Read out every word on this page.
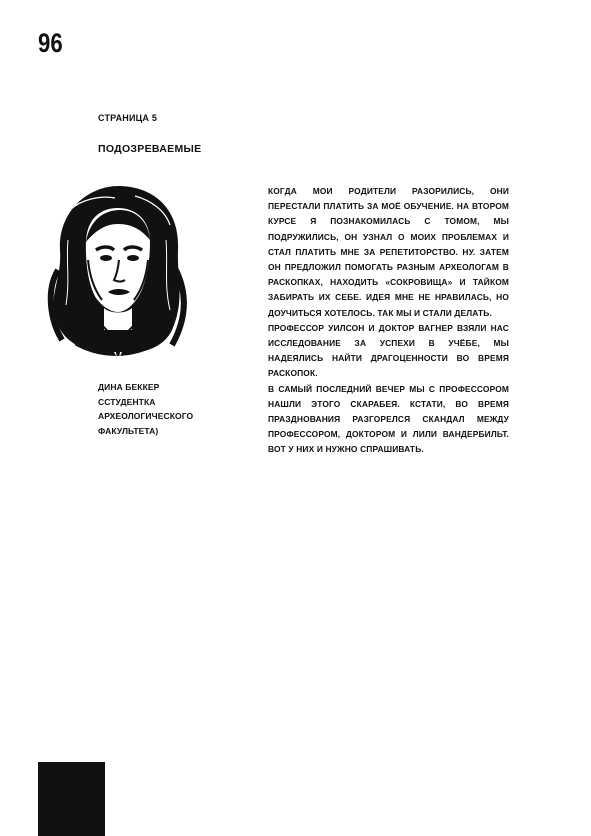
96
СТРАНИЦА 5
ПОДОЗРЕВАЕМЫЕ
ДИНА БЕККЕР
ССТУДЕНТКА
АРХЕОЛОГИЧЕСКОГО
ФАКУЛЬТЕТА)

КОГДА МОИ РОДИТЕЛИ РАЗОРИЛИСЬ, ОНИ ПЕРЕСТАЛИ ПЛАТИТЬ ЗА МОЁ ОБУЧЕНИЕ. НА ВТОРОМ КУРСЕ Я ПОЗНАКОМИЛАСЬ С ТОМОМ, МЫ ПОДРУЖИЛИСЬ, ОН УЗНАЛ О МОИХ ПРОБЛЕМАХ И СТАЛ ПЛАТИТЬ МНЕ ЗА РЕПЕТИТОРСТВО. НУ. ЗАТЕМ ОН ПРЕДЛОЖИЛ ПОМОГАТЬ РАЗНЫМ АРХЕОЛОГАМ В РАСКОПКАХ, НАХОДИТЬ «СОКРОВИЩА» И ТАЙКОМ ЗАБИРАТЬ ИХ СЕБЕ. ИДЕЯ МНЕ НЕ НРАВИЛАСЬ, НО ДОУЧИТЬСЯ ХОТЕЛОСЬ. ТАК МЫ И СТАЛИ ДЕЛАТЬ.

ПРОФЕССОР УИЛСОН И ДОКТОР ВАГНЕР ВЗЯЛИ НАС ИССЛЕДОВАНИЕ ЗА УСПЕХИ В УЧЁБЕ, МЫ НАДЕЯЛИСЬ НАЙТИ ДРАГОЦЕННОСТИ ВО ВРЕМЯ РАСКОПОК.

В САМЫЙ ПОСЛЕДНИЙ ВЕЧЕР МЫ С ПРОФЕССОРОМ НАШЛИ ЭТОГО СКАРАБЕЯ. КСТАТИ, ВО ВРЕМЯ ПРАЗДНОВАНИЯ РАЗГОРЕЛСЯ СКАНДАЛ МЕЖДУ ПРОФЕССОРОМ, ДОКТОРОМ И ЛИЛИ ВАНДЕРБИЛЬТ. ВОТ У НИХ И НУЖНО СПРАШИВАТЬ.
